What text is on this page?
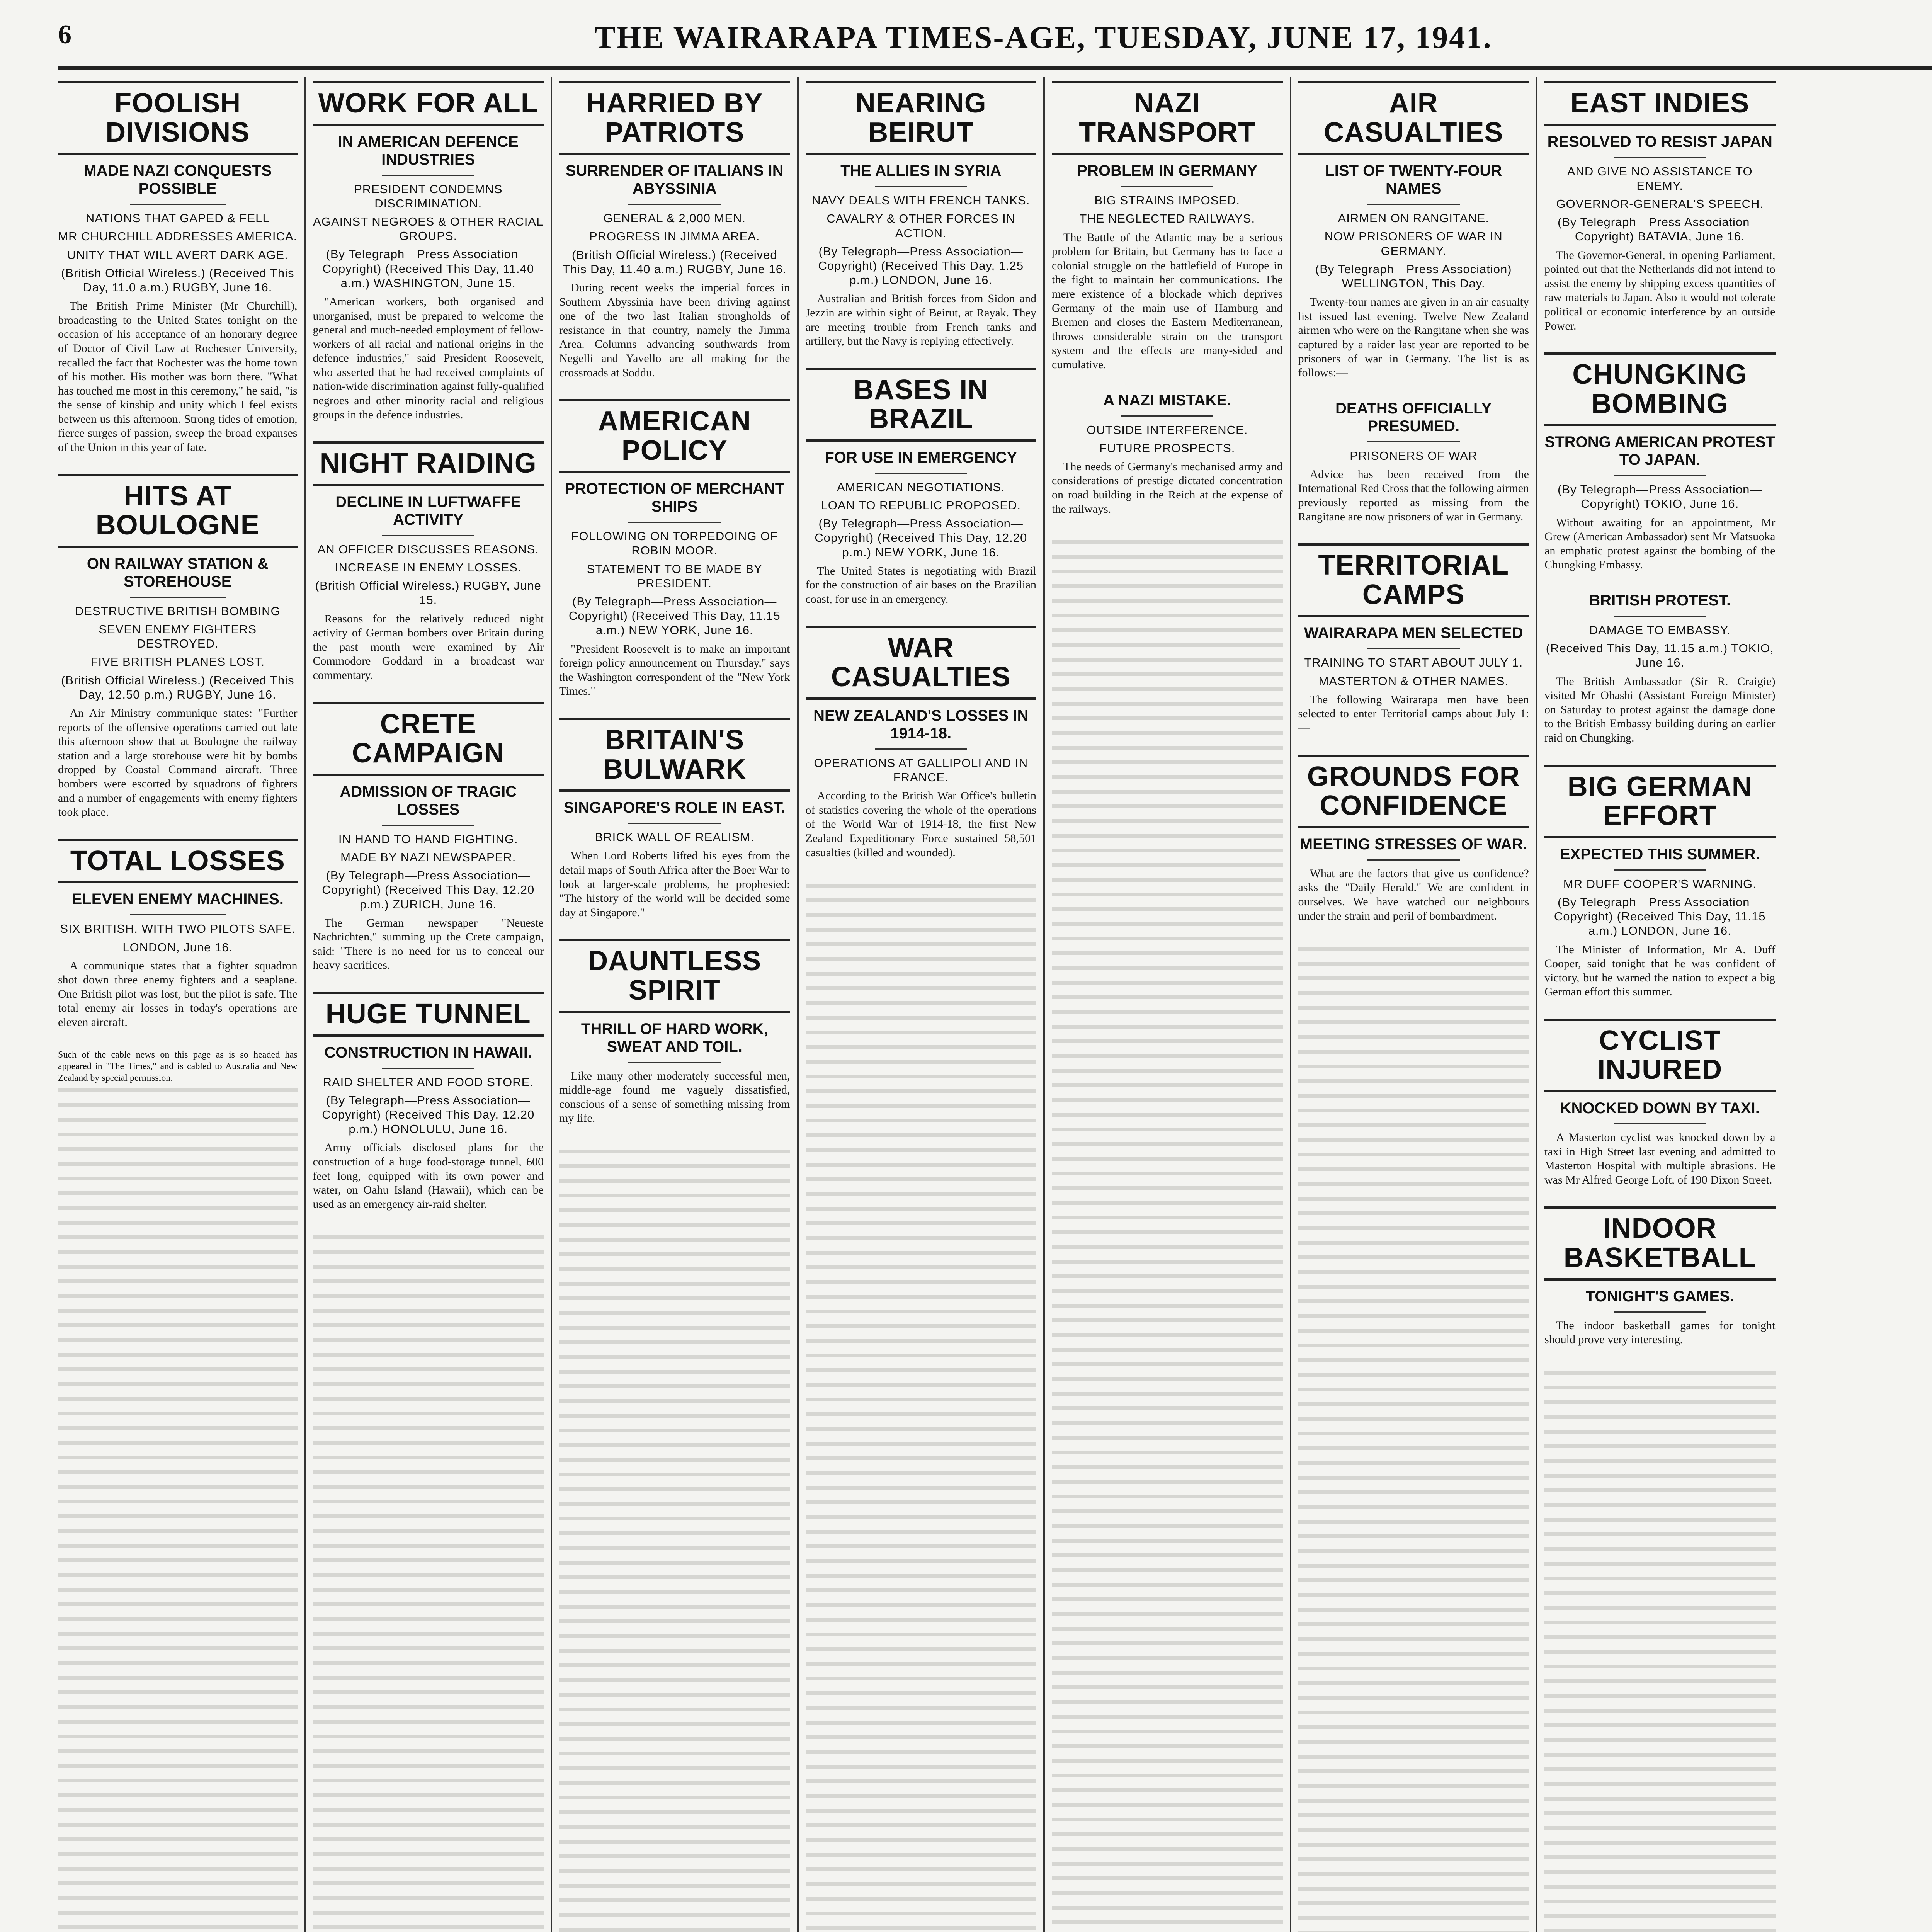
6	THE WAIRARAPA TIMES-AGE, TUESDAY, JUNE 17, 1941.
FOOLISH DIVISIONS
MADE NAZI CONQUESTS POSSIBLE
NATIONS THAT GAPED & FELL
MR CHURCHILL ADDRESSES AMERICA.
UNITY THAT WILL AVERT DARK AGE.
(British Official Wireless.) (Received This Day, 11.0 a.m.) RUGBY, June 16.

The British Prime Minister (Mr Churchill), broadcasting to the United States tonight on the occasion of his acceptance of an honorary degree of Doctor of Civil Law at Rochester University, recalled the fact that Rochester was the home town of his mother. His mother was born there. "What has touched me most in this ceremony," he said, "is the sense of kinship and unity which I feel exists between us this afternoon. Strong tides of emotion, fierce surges of passion, sweep the broad expanses of the Union in this year of fate.

HITS AT BOULOGNE
ON RAILWAY STATION & STOREHOUSE
DESTRUCTIVE BRITISH BOMBING
SEVEN ENEMY FIGHTERS DESTROYED.
FIVE BRITISH PLANES LOST.
(British Official Wireless.) (Received This Day, 12.50 p.m.) RUGBY, June 16.

An Air Ministry communique states: "Further reports of the offensive operations carried out late this afternoon show that at Boulogne the railway station and a large storehouse were hit by bombs dropped by Coastal Command aircraft. Three bombers were escorted by squadrons of fighters and a number of engagements with enemy fighters took place.

TOTAL LOSSES
ELEVEN ENEMY MACHINES.
SIX BRITISH, WITH TWO PILOTS SAFE.
LONDON, June 16.

A communique states that a fighter squadron shot down three enemy fighters and a seaplane. One British pilot was lost, but the pilot is safe. The total enemy air losses in today's operations are eleven aircraft.

Such of the cable news on this page as is so headed has appeared in "The Times," and is cabled to Australia and New Zealand by special permission.
WORK FOR ALL
IN AMERICAN DEFENCE INDUSTRIES
PRESIDENT CONDEMNS DISCRIMINATION.
AGAINST NEGROES & OTHER RACIAL GROUPS.
(By Telegraph—Press Association—Copyright) (Received This Day, 11.40 a.m.) WASHINGTON, June 15.

"American workers, both organised and unorganised, must be prepared to welcome the general and much-needed employment of fellow-workers of all racial and national origins in the defence industries," said President Roosevelt, who asserted that he had received complaints of nation-wide discrimination against fully-qualified negroes and other minority racial and religious groups in the defence industries.

NIGHT RAIDING
DECLINE IN LUFTWAFFE ACTIVITY
AN OFFICER DISCUSSES REASONS.
INCREASE IN ENEMY LOSSES.
(British Official Wireless.) RUGBY, June 15.

Reasons for the relatively reduced night activity of German bombers over Britain during the past month were examined by Air Commodore Goddard in a broadcast war commentary.

CRETE CAMPAIGN
ADMISSION OF TRAGIC LOSSES
IN HAND TO HAND FIGHTING.
MADE BY NAZI NEWSPAPER.
(By Telegraph—Press Association—Copyright) (Received This Day, 12.20 p.m.) ZURICH, June 16.

The German newspaper "Neueste Nachrichten," summing up the Crete campaign, said: "There is no need for us to conceal our heavy sacrifices.

HUGE TUNNEL
CONSTRUCTION IN HAWAII.
RAID SHELTER AND FOOD STORE.
(By Telegraph—Press Association—Copyright) (Received This Day, 12.20 p.m.) HONOLULU, June 16.

Army officials disclosed plans for the construction of a huge food-storage tunnel, 600 feet long, equipped with its own power and water, on Oahu Island (Hawaii), which can be used as an emergency air-raid shelter.

HARRIED BY PATRIOTS
SURRENDER OF ITALIANS IN ABYSSINIA
GENERAL & 2,000 MEN.
PROGRESS IN JIMMA AREA.
(British Official Wireless.) (Received This Day, 11.40 a.m.) RUGBY, June 16.

During recent weeks the imperial forces in Southern Abyssinia have been driving against one of the two last Italian strongholds of resistance in that country, namely the Jimma Area. Columns advancing southwards from Negelli and Yavello are all making for the crossroads at Soddu.

AMERICAN POLICY
PROTECTION OF MERCHANT SHIPS
FOLLOWING ON TORPEDOING OF ROBIN MOOR.
STATEMENT TO BE MADE BY PRESIDENT.
(By Telegraph—Press Association—Copyright) (Received This Day, 11.15 a.m.) NEW YORK, June 16.

"President Roosevelt is to make an important foreign policy announcement on Thursday," says the Washington correspondent of the "New York Times."

BRITAIN'S BULWARK
SINGAPORE'S ROLE IN EAST.
BRICK WALL OF REALISM.

When Lord Roberts lifted his eyes from the detail maps of South Africa after the Boer War to look at larger-scale problems, he prophesied: "The history of the world will be decided some day at Singapore."

DAUNTLESS SPIRIT
THRILL OF HARD WORK, SWEAT AND TOIL.

Like many other moderately successful men, middle-age found me vaguely dissatisfied, conscious of a sense of something missing from my life.

NEARING BEIRUT
THE ALLIES IN SYRIA
NAVY DEALS WITH FRENCH TANKS.
CAVALRY & OTHER FORCES IN ACTION.
(By Telegraph—Press Association—Copyright) (Received This Day, 1.25 p.m.) LONDON, June 16.

Australian and British forces from Sidon and Jezzin are within sight of Beirut, at Rayak. They are meeting trouble from French tanks and artillery, but the Navy is replying effectively.

BASES IN BRAZIL
FOR USE IN EMERGENCY
AMERICAN NEGOTIATIONS.
LOAN TO REPUBLIC PROPOSED.
(By Telegraph—Press Association—Copyright) (Received This Day, 12.20 p.m.) NEW YORK, June 16.

The United States is negotiating with Brazil for the construction of air bases on the Brazilian coast, for use in an emergency.

WAR CASUALTIES
NEW ZEALAND'S LOSSES IN 1914-18.
OPERATIONS AT GALLIPOLI AND IN FRANCE.

According to the British War Office's bulletin of statistics covering the whole of the operations of the World War of 1914-18, the first New Zealand Expeditionary Force sustained 58,501 casualties (killed and wounded).

NAZI TRANSPORT
PROBLEM IN GERMANY
BIG STRAINS IMPOSED.
THE NEGLECTED RAILWAYS.

The Battle of the Atlantic may be a serious problem for Britain, but Germany has to face a colonial struggle on the battlefield of Europe in the fight to maintain her communications. The mere existence of a blockade which deprives Germany of the main use of Hamburg and Bremen and closes the Eastern Mediterranean, throws considerable strain on the transport system and the effects are many-sided and cumulative.

A NAZI MISTAKE.
OUTSIDE INTERFERENCE.
FUTURE PROSPECTS.

The needs of Germany's mechanised army and considerations of prestige dictated concentration on road building in the Reich at the expense of the railways.

AIR CASUALTIES
LIST OF TWENTY-FOUR NAMES
AIRMEN ON RANGITANE.
NOW PRISONERS OF WAR IN GERMANY.
(By Telegraph—Press Association) WELLINGTON, This Day.

Twenty-four names are given in an air casualty list issued last evening. Twelve New Zealand airmen who were on the Rangitane when she was captured by a raider last year are reported to be prisoners of war in Germany. The list is as follows:—

DEATHS OFFICIALLY PRESUMED.
PRISONERS OF WAR

Advice has been received from the International Red Cross that the following airmen previously reported as missing from the Rangitane are now prisoners of war in Germany.

TERRITORIAL CAMPS
WAIRARAPA MEN SELECTED
TRAINING TO START ABOUT JULY 1.
MASTERTON & OTHER NAMES.

The following Wairarapa men have been selected to enter Territorial camps about July 1:—

GROUNDS FOR CONFIDENCE
MEETING STRESSES OF WAR.

What are the factors that give us confidence? asks the "Daily Herald." We are confident in ourselves. We have watched our neighbours under the strain and peril of bombardment.

EAST INDIES
RESOLVED TO RESIST JAPAN
AND GIVE NO ASSISTANCE TO ENEMY.
GOVERNOR-GENERAL'S SPEECH.
(By Telegraph—Press Association—Copyright) BATAVIA, June 16.

The Governor-General, in opening Parliament, pointed out that the Netherlands did not intend to assist the enemy by shipping excess quantities of raw materials to Japan. Also it would not tolerate political or economic interference by an outside Power.

CHUNGKING BOMBING
STRONG AMERICAN PROTEST TO JAPAN.
(By Telegraph—Press Association—Copyright) TOKIO, June 16.

Without awaiting for an appointment, Mr Grew (American Ambassador) sent Mr Matsuoka an emphatic protest against the bombing of the Chungking Embassy.

BRITISH PROTEST.
DAMAGE TO EMBASSY.
(Received This Day, 11.15 a.m.) TOKIO, June 16.

The British Ambassador (Sir R. Craigie) visited Mr Ohashi (Assistant Foreign Minister) on Saturday to protest against the damage done to the British Embassy building during an earlier raid on Chungking.

BIG GERMAN EFFORT
EXPECTED THIS SUMMER.
MR DUFF COOPER'S WARNING.
(By Telegraph—Press Association—Copyright) (Received This Day, 11.15 a.m.) LONDON, June 16.

The Minister of Information, Mr A. Duff Cooper, said tonight that he was confident of victory, but he warned the nation to expect a big German effort this summer.

CYCLIST INJURED
KNOCKED DOWN BY TAXI.

A Masterton cyclist was knocked down by a taxi in High Street last evening and admitted to Masterton Hospital with multiple abrasions. He was Mr Alfred George Loft, of 190 Dixon Street.

INDOOR BASKETBALL
TONIGHT'S GAMES.

The indoor basketball games for tonight should prove very interesting.
